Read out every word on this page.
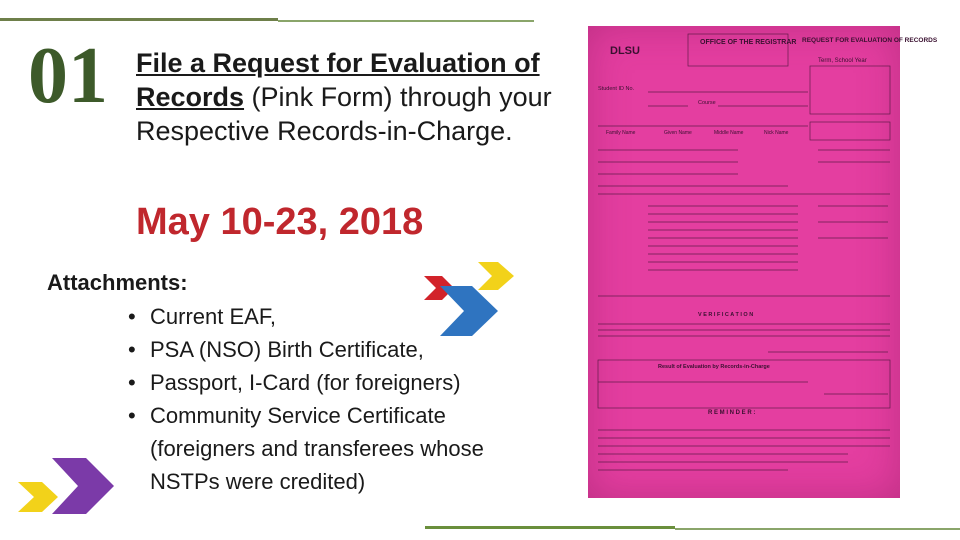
01 File a Request for Evaluation of Records (Pink Form) through your Respective Records-in-Charge.
May 10-23, 2018
Attachments:
• Current EAF,
• PSA (NSO) Birth Certificate,
• Passport, I-Card (for foreigners)
• Community Service Certificate (foreigners and transferees whose NSTPs were credited)
DLSU
OFFICE OF THE REGISTRAR REQUEST FOR EVALUATION OF RECORDS
Term, School Year
Student ID No.
Course
Family Name	Given Name	Middle Name	Nick Name
V E R I F I C A T I O N
Result of Evaluation by Records-in-Charge
R E M I N D E R :
